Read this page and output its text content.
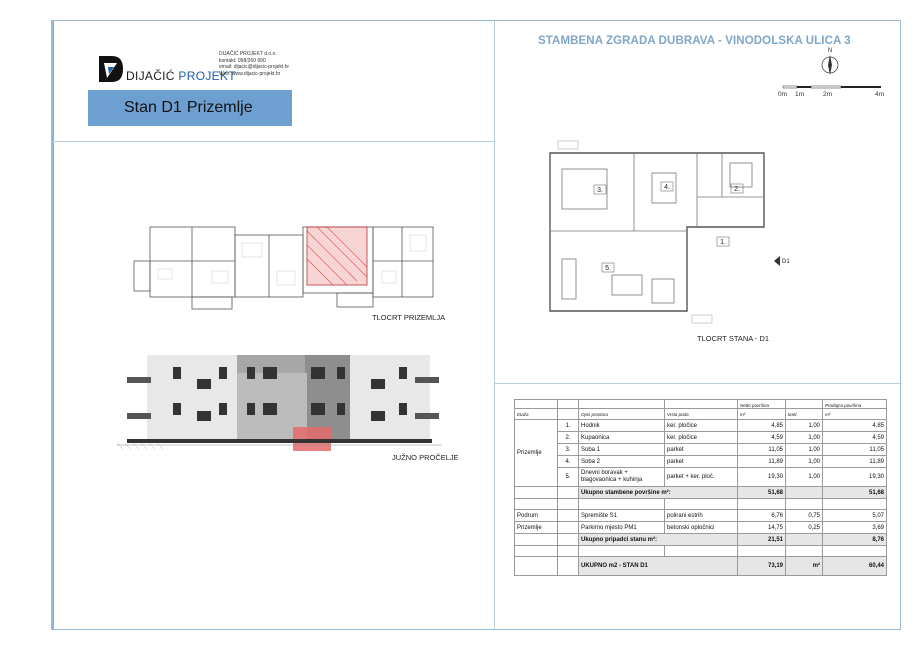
DIJAČIĆ PROJEKT
DIJAČIĆ PROJEKT d.o.o.
kontakt: 098/260 990
email: dijacic@dijacic-projekt.hr
Web: www.dijacic-projekt.hr
Stan D1 Prizemlje
STAMBENA ZGRADA DUBRAVA - VINODOLSKA ULICA 3
N
0m 1m	2m	4m
TLOCRT PRIZEMLJA
JUŽNO PROČELJE
3.	4.	2.
1.
5.
D1
TLOCRT STANA - D1
				Netto površina		Prodajna površina
Etaža		Opis prostora	Vrsta poda	m²	koef.	m²
Prizemlje	1.	Hodnik	ker. pločice	4,85	1,00	4,85
	2.	Kupaonica	ker. pločice	4,59	1,00	4,59
	3.	Soba 1	parket	11,05	1,00	11,05
	4.	Soba 2	parket	11,89	1,00	11,89
	5.	Dnevni boravak + blagovaonica + kuhinja	parket + ker. ploč.	19,30	1,00	19,30
		Ukupno stambene površine m²:		51,68		51,68

Podrum		Spremište S1	polirani estrih	6,76	0,75	5,07
Prizemlje		Parkirno mjesto PM1	betonski opločnici	14,75	0,25	3,69
		Ukupno pripadci stanu m²:		21,51		8,76

		UKUPNO m2 - STAN D1		73,19	m²	60,44
